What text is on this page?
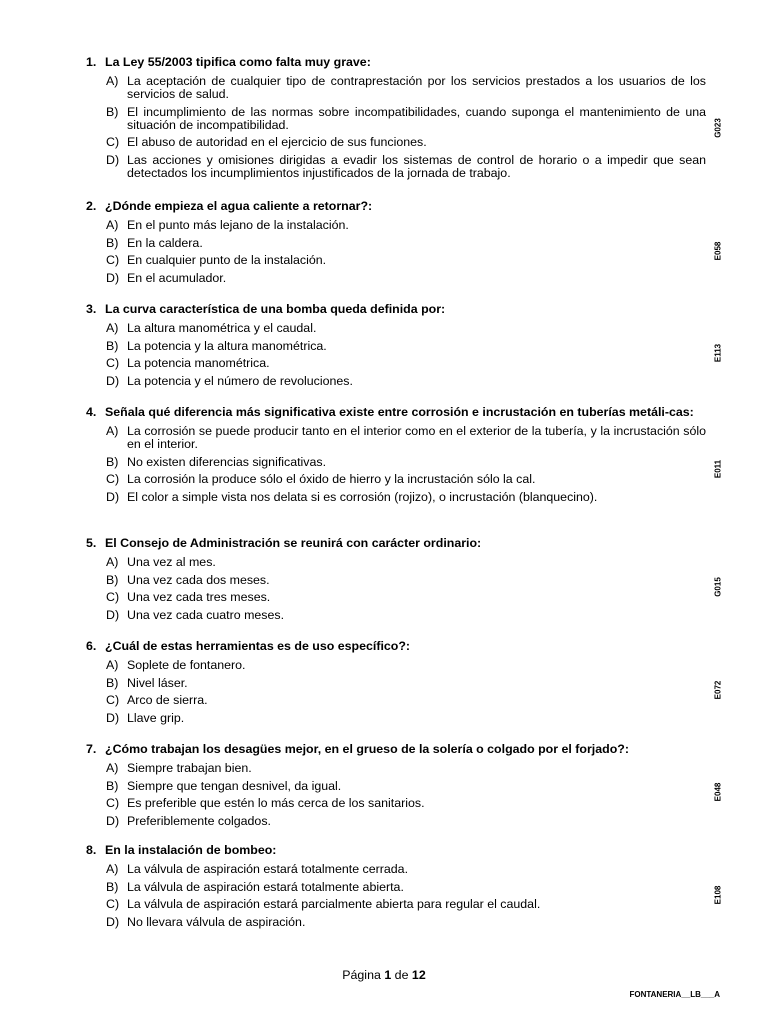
1. La Ley 55/2003 tipifica como falta muy grave:
A) La aceptación de cualquier tipo de contraprestación por los servicios prestados a los usuarios de los servicios de salud.
B) El incumplimiento de las normas sobre incompatibilidades, cuando suponga el mantenimiento de una situación de incompatibilidad.
C) El abuso de autoridad en el ejercicio de sus funciones.
D) Las acciones y omisiones dirigidas a evadir los sistemas de control de horario o a impedir que sean detectados los incumplimientos injustificados de la jornada de trabajo.
G023
2. ¿Dónde empieza el agua caliente a retornar?:
A) En el punto más lejano de la instalación.
B) En la caldera.
C) En cualquier punto de la instalación.
D) En el acumulador.
E058
3. La curva característica de una bomba queda definida por:
A) La altura manométrica y el caudal.
B) La potencia y la altura manométrica.
C) La potencia manométrica.
D) La potencia y el número de revoluciones.
E113
4. Señala qué diferencia más significativa existe entre corrosión e incrustación en tuberías metáli-cas:
A) La corrosión se puede producir tanto en el interior como en el exterior de la tubería, y la incrustación sólo en el interior.
B) No existen diferencias significativas.
C) La corrosión la produce sólo el óxido de hierro y la incrustación sólo la cal.
D) El color a simple vista nos delata si es corrosión (rojizo), o incrustación (blanquecino).
E011
5. El Consejo de Administración se reunirá con carácter ordinario:
A) Una vez al mes.
B) Una vez cada dos meses.
C) Una vez cada tres meses.
D) Una vez cada cuatro meses.
G015
6. ¿Cuál de estas herramientas es de uso específico?:
A) Soplete de fontanero.
B) Nivel láser.
C) Arco de sierra.
D) Llave grip.
E072
7. ¿Cómo trabajan los desagües mejor, en el grueso de la solería o colgado por el forjado?:
A) Siempre trabajan bien.
B) Siempre que tengan desnivel, da igual.
C) Es preferible que estén lo más cerca de los sanitarios.
D) Preferiblemente colgados.
E048
8. En la instalación de bombeo:
A) La válvula de aspiración estará totalmente cerrada.
B) La válvula de aspiración estará totalmente abierta.
C) La válvula de aspiración estará parcialmente abierta para regular el caudal.
D) No llevara válvula de aspiración.
E108
Página 1 de 12
FONTANERIA__LB___A
